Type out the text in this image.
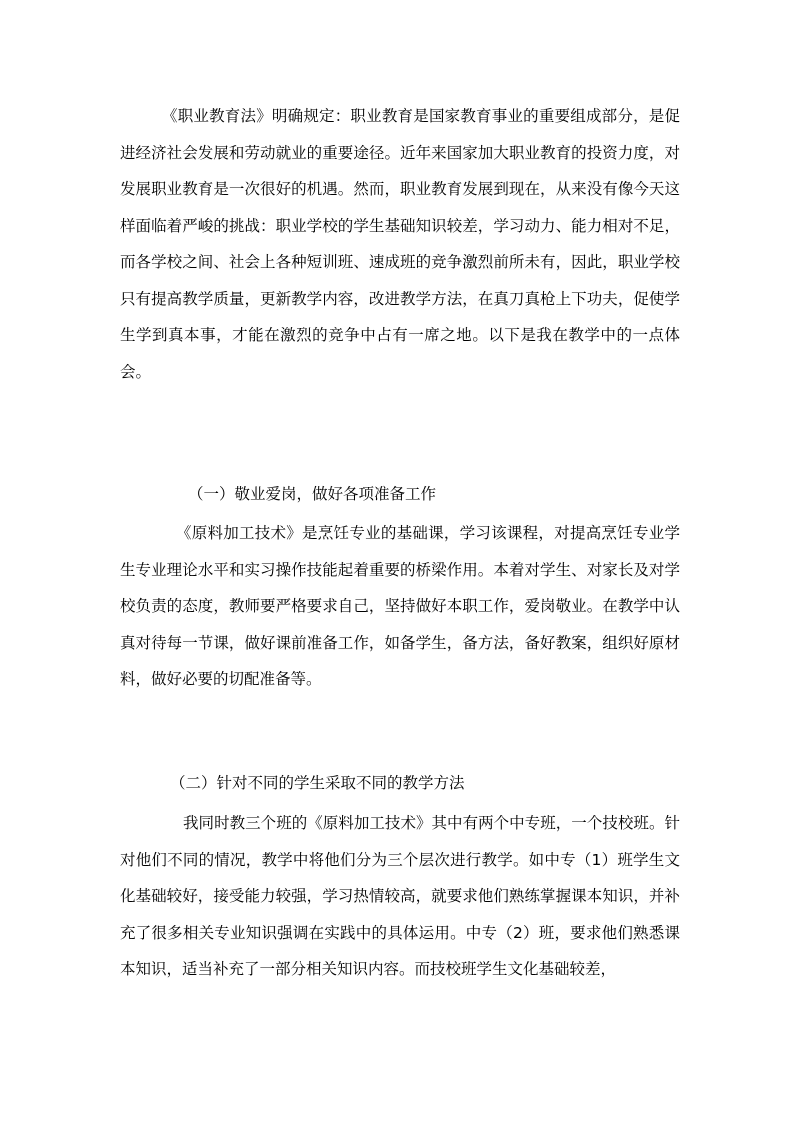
《职业教育法》明确规定：职业教育是国家教育事业的重要组成部分，是促进经济社会发展和劳动就业的重要途径。近年来国家加大职业教育的投资力度，对发展职业教育是一次很好的机遇。然而，职业教育发展到现在，从来没有像今天这样面临着严峻的挑战：职业学校的学生基础知识较差，学习动力、能力相对不足，而各学校之间、社会上各种短训班、速成班的竞争激烈前所未有，因此，职业学校只有提高教学质量，更新教学内容，改进教学方法，在真刀真枪上下功夫，促使学生学到真本事，才能在激烈的竞争中占有一席之地。以下是我在教学中的一点体会。
（一）敬业爱岗，做好各项准备工作
《原料加工技术》是烹饪专业的基础课，学习该课程，对提高烹饪专业学生专业理论水平和实习操作技能起着重要的桥梁作用。本着对学生、对家长及对学校负责的态度，教师要严格要求自己，坚持做好本职工作，爱岗敬业。在教学中认真对待每一节课，做好课前准备工作，如备学生，备方法，备好教案，组织好原材料，做好必要的切配准备等。
（二）针对不同的学生采取不同的教学方法
我同时教三个班的《原料加工技术》其中有两个中专班，一个技校班。针对他们不同的情况，教学中将他们分为三个层次进行教学。如中专（1）班学生文化基础较好，接受能力较强，学习热情较高，就要求他们熟练掌握课本知识，并补充了很多相关专业知识强调在实践中的具体运用。中专（2）班，要求他们熟悉课本知识，适当补充了一部分相关知识内容。而技校班学生文化基础较差，
